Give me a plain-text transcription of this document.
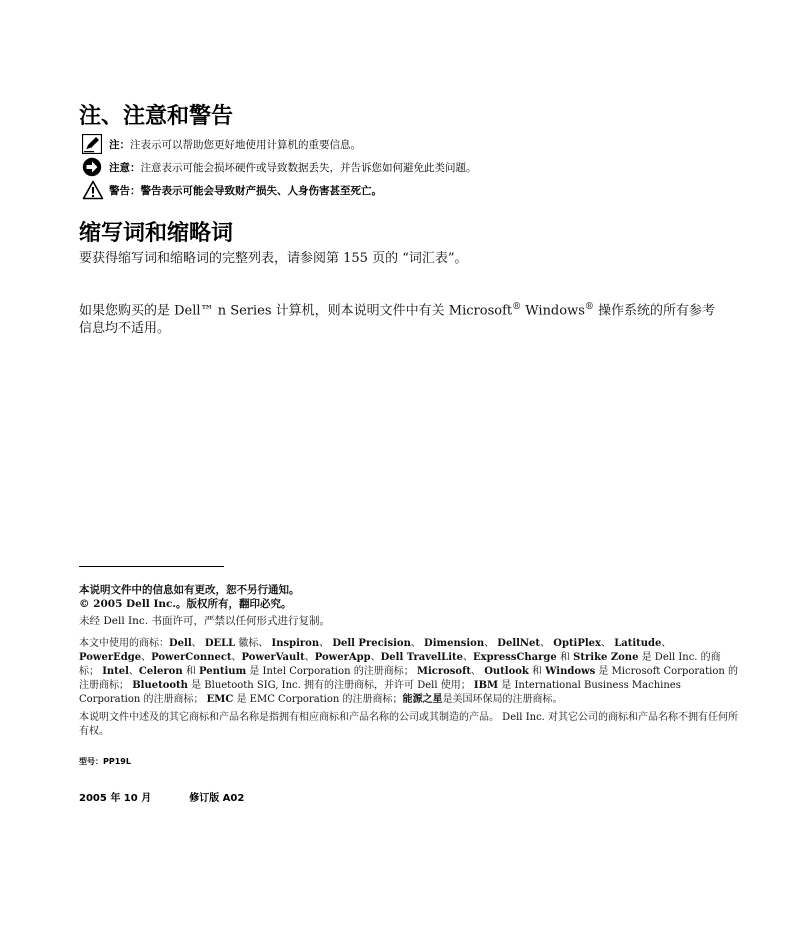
注、注意和警告
注： 注表示可以帮助您更好地使用计算机的重要信息。
注意： 注意表示可能会损坏硬件或导致数据丢失，并告诉您如何避免此类问题。
警告： 警告表示可能会导致财产损失、人身伤害甚至死亡。
缩写词和缩略词
要获得缩写词和缩略词的完整列表，请参阅第 155 页的 “词汇表”。
如果您购买的是 Dell™ n Series 计算机，则本说明文件中有关 Microsoft® Windows® 操作系统的所有参考
信息均不适用。
本说明文件中的信息如有更改，恕不另行通知。
© 2005 Dell Inc.。版权所有，翻印必究。
未经 Dell Inc. 书面许可，严禁以任何形式进行复制。
本文中使用的商标：Dell、 DELL 徽标、 Inspiron、 Dell Precision、 Dimension、 DellNet、 OptiPlex、 Latitude、 PowerEdge、PowerConnect、PowerVault、PowerApp、Dell TravelLite、ExpressCharge 和 Strike Zone 是 Dell Inc. 的商标； Intel、Celeron 和 Pentium 是 Intel Corporation 的注册商标； Microsoft、 Outlook 和 Windows 是 Microsoft Corporation 的注册商标； Bluetooth 是 Bluetooth SIG, Inc. 拥有的注册商标，并许可 Dell 使用； IBM 是 International Business Machines Corporation 的注册商标； EMC 是 EMC Corporation 的注册商标；能源之星是美国环保局的注册商标。
本说明文件中述及的其它商标和产品名称是指拥有相应商标和产品名称的公司或其制造的产品。 Dell Inc. 对其它公司的商标和产品名称不拥有任何所有权。
型号：PP19L
2005 年 10 月	修订版 A02
